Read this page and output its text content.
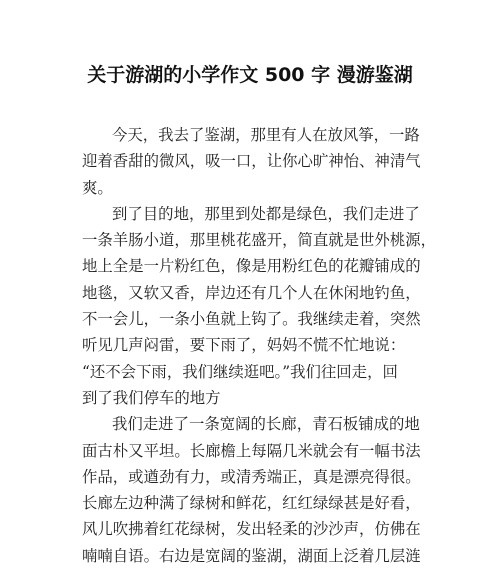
关于游湖的小学作文 500 字 漫游鉴湖
今天，我去了鉴湖，那里有人在放风筝，一路
迎着香甜的微风，吸一口，让你心旷神怡、神清气
爽。
到了目的地，那里到处都是绿色，我们走进了
一条羊肠小道，那里桃花盛开，简直就是世外桃源，
地上全是一片粉红色，像是用粉红色的花瓣铺成的
地毯，又软又香，岸边还有几个人在休闲地钓鱼，
不一会儿，一条小鱼就上钩了。我继续走着，突然
听见几声闷雷，要下雨了，妈妈不慌不忙地说：
“还不会下雨，我们继续逛吧。”我们往回走，回
到了我们停车的地方
我们走进了一条宽阔的长廊，青石板铺成的地
面古朴又平坦。长廊檐上每隔几米就会有一幅书法
作品，或遒劲有力，或清秀端正，真是漂亮得很。
长廊左边种满了绿树和鲜花，红红绿绿甚是好看，
风儿吹拂着红花绿树，发出轻柔的沙沙声，仿佛在
喃喃自语。右边是宽阔的鉴湖，湖面上泛着几层涟
